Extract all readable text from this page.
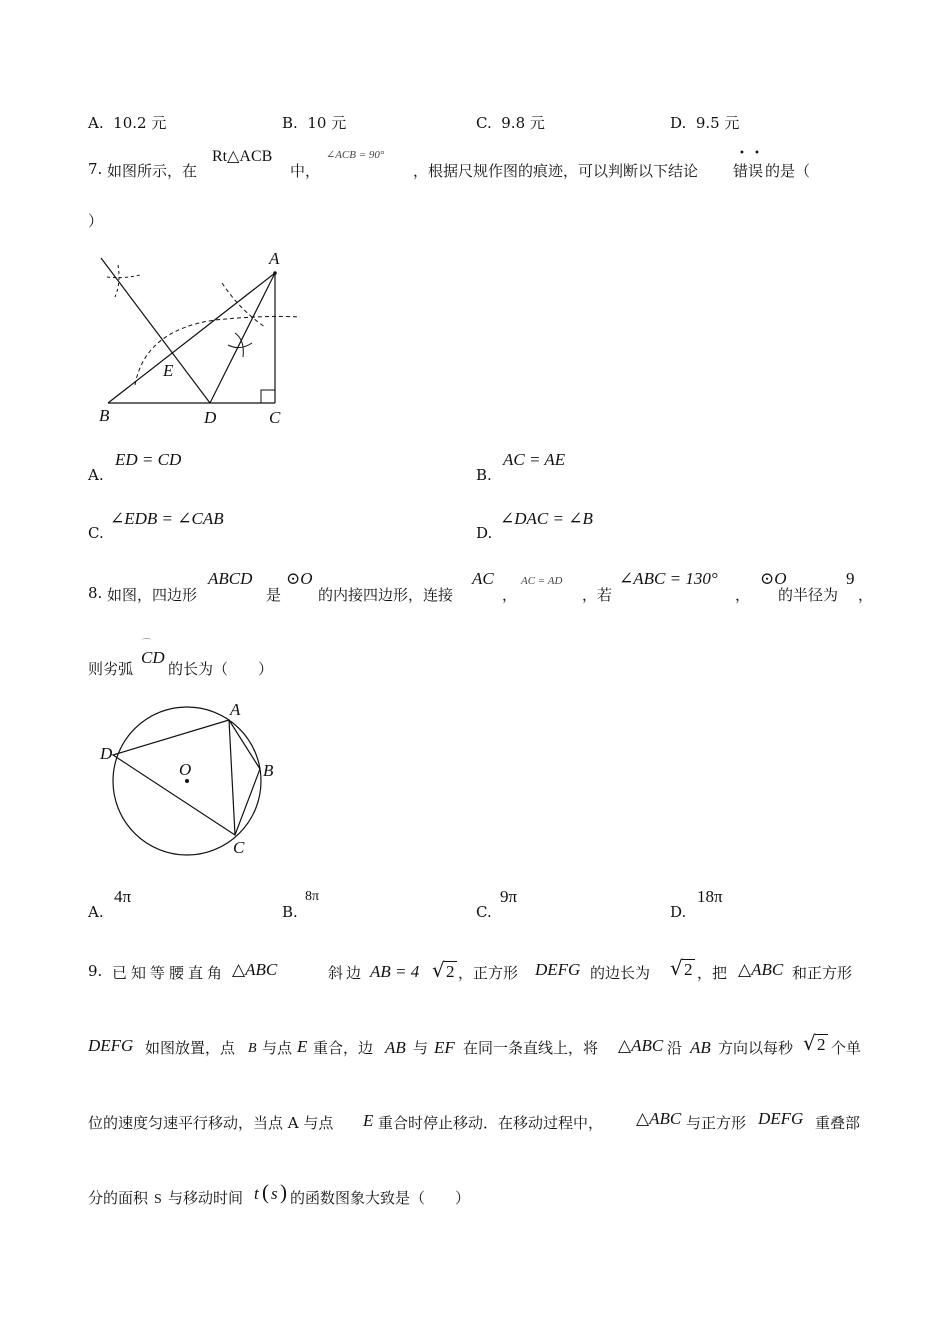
A. 10.2 元	B. 10 元	C. 9.8 元	D. 9.5 元
7. 如图所示，在
Rt△ACB
中，
∠ACB = 90°
，根据尺规作图的痕迹，可以判断以下结论 错误
• •
的是（
）
A
B	C
D
E
A.
ED = CD
B.
AC = AE
C.
∠EDB = ∠CAB
D.
∠DAC = ∠B
8. 如图，四边形
ABCD
是
⊙O
的内接四边形，连接
AC
，
AC = AD
，若
∠ABC = 130°
，
⊙O
的半径为
9
，
则劣弧
⌒
CD
的长为（　　）
A
B
C
D
O
A.
4π
B.
8π
C.
9π
D.
18π
9. 已知等腰直角 △ABC	斜边 AB = 4 √ 2 ，正方形 DEFG 的边长为 √ 2 ，把 △ABC 和正方形
DEFG 如图放置，点 B 与点 E 重合，边 AB 与 EF 在同一条直线上，将 △ABC 沿 AB 方向以每秒 √ 2 个单
位的速度匀速平行移动，当点 A 与点 E 重合时停止移动．在移动过程中， △ABC 与正方形 DEFG 重叠部
分的面积 S 与移动时间 t ( s ) 的函数图象大致是（　　）
